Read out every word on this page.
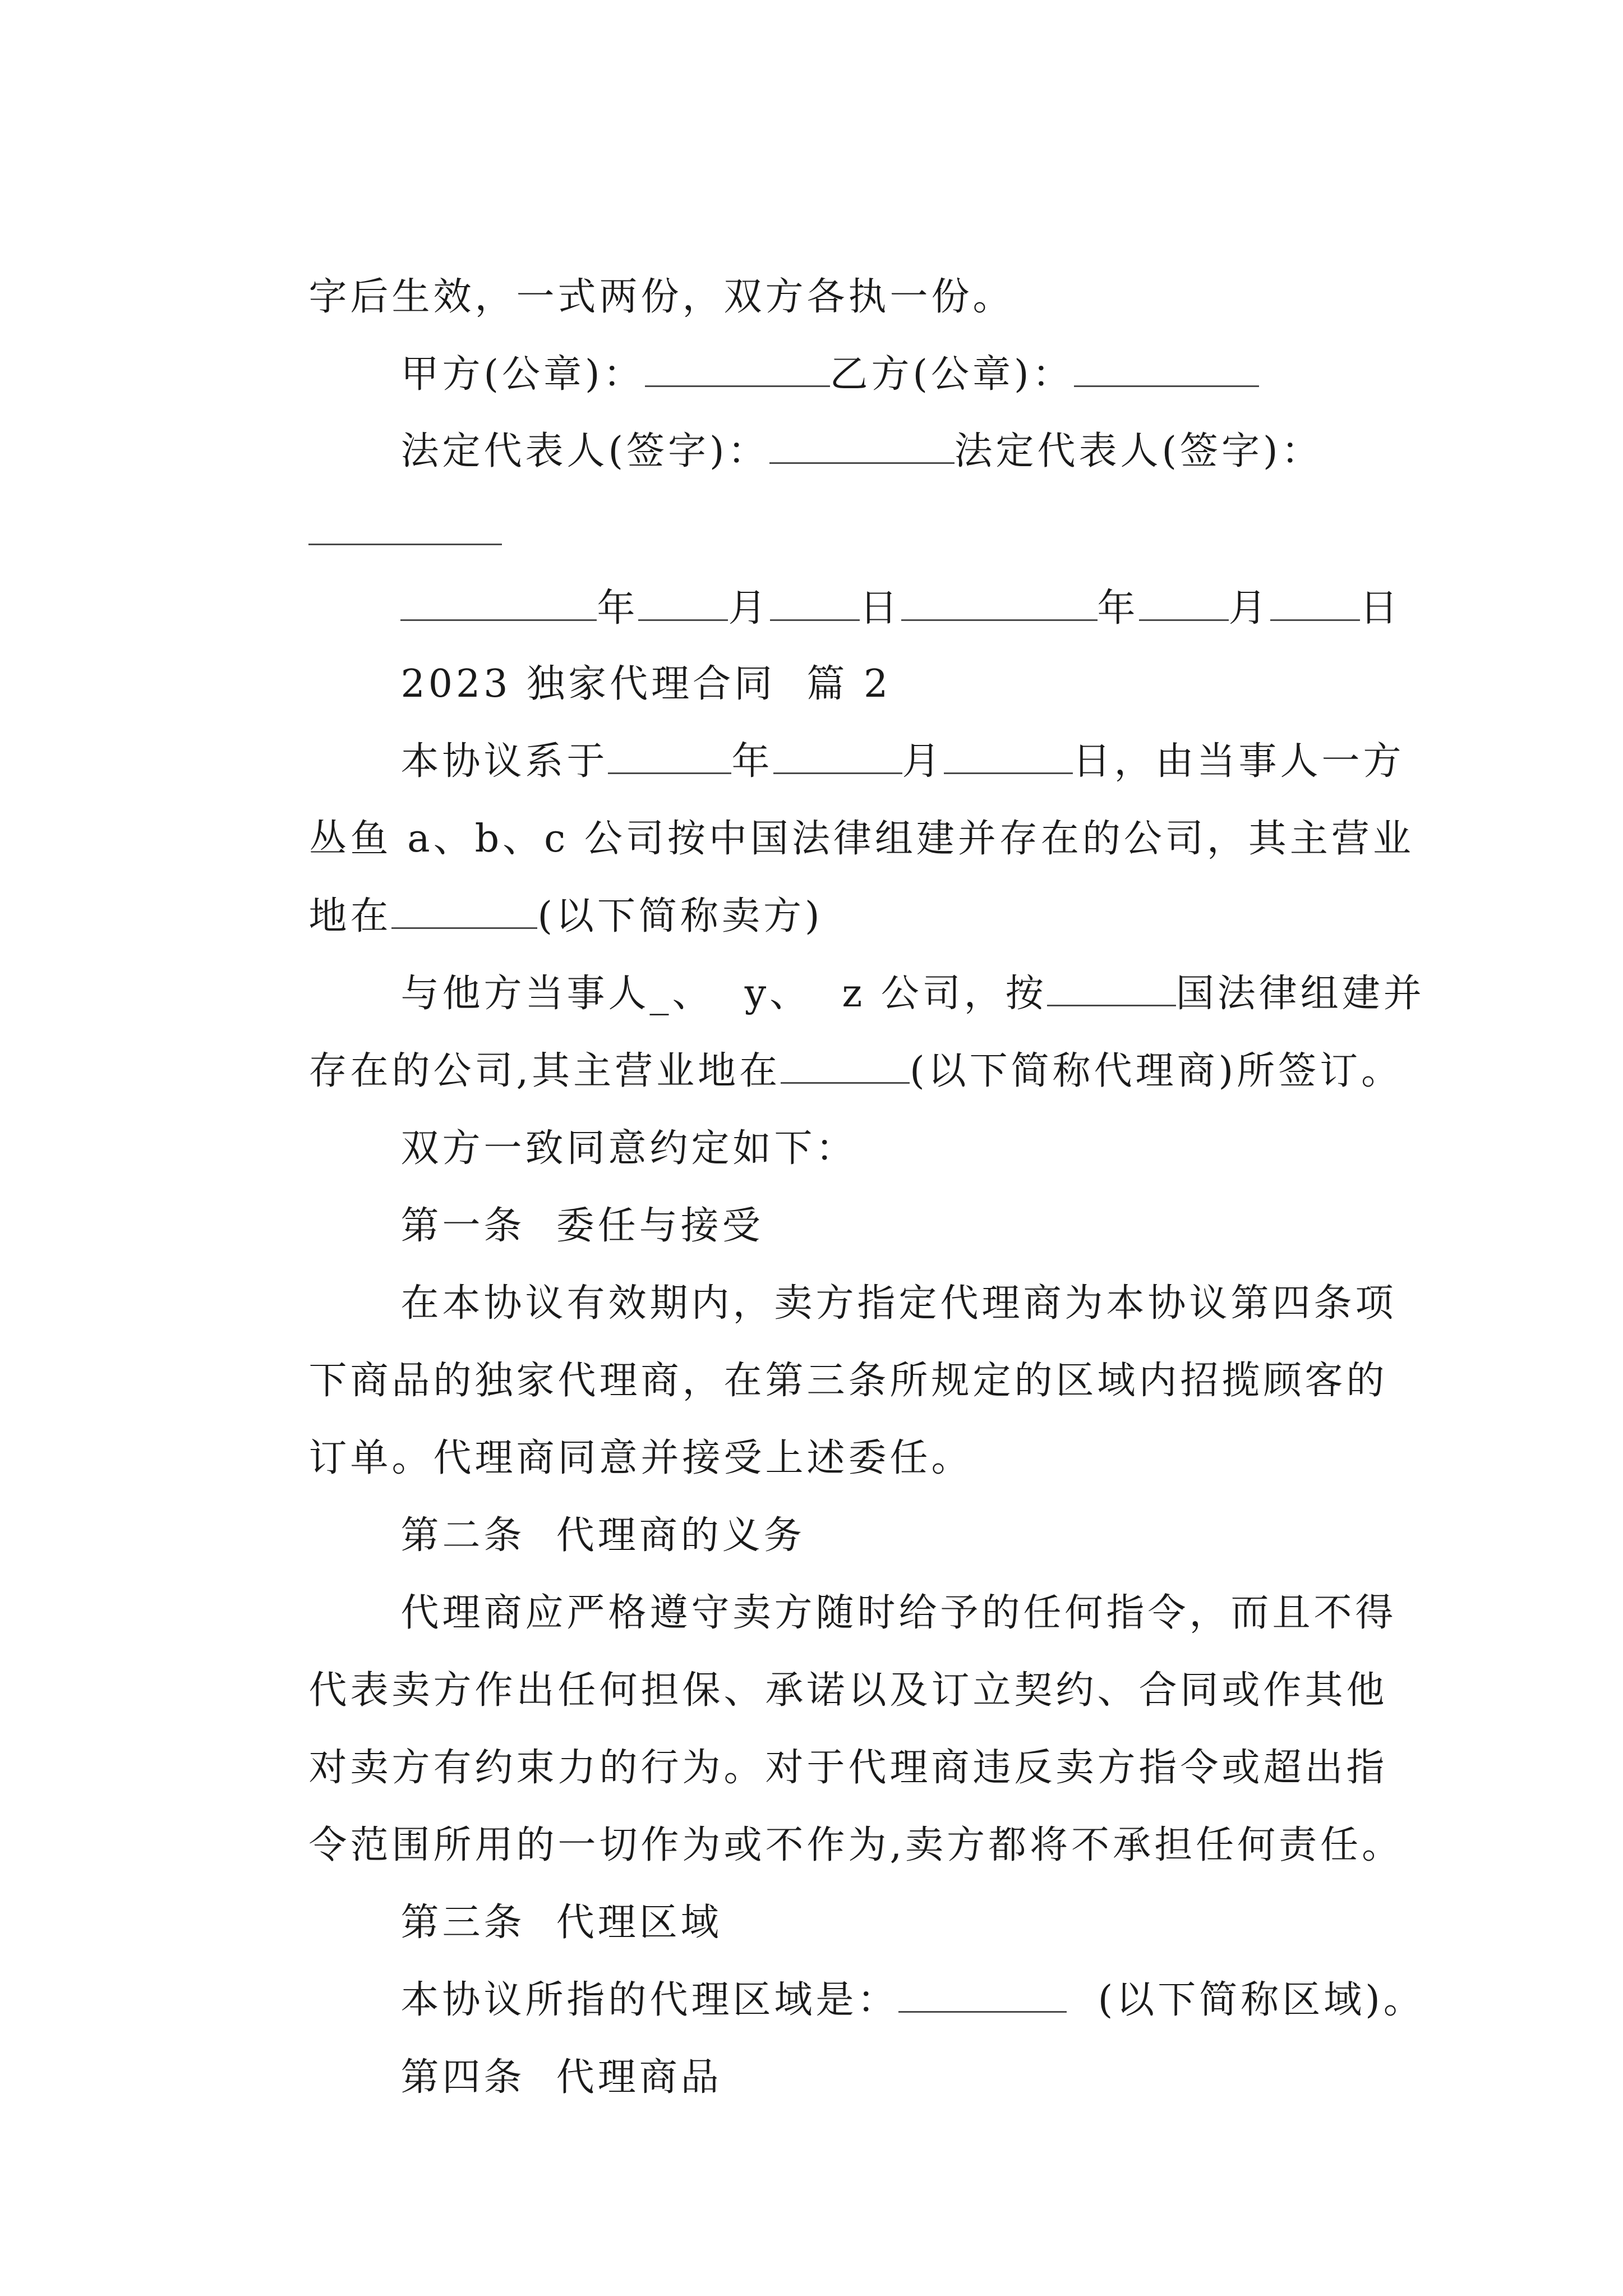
字后生效，一式两份，双方各执一份。

甲方(公章)：	乙方(公章)：

法定代表人(签字)：	法定代表人(签字)：

年 月 日	年 月 日

2023 独家代理合同  篇 2

本协议系于	年	月	日，由当事人一方

丛鱼 a、b、c 公司按中国法律组建并存在的公司，其主营业

地在	(以下简称卖方)

与他方当事人_、  y、  z 公司，按	国法律组建并

存在的公司,其主营业地在	(以下简称代理商)所签订。

双方一致同意约定如下：

第一条  委任与接受

在本协议有效期内，卖方指定代理商为本协议第四条项

下商品的独家代理商，在第三条所规定的区域内招揽顾客的

订单。代理商同意并接受上述委任。

第二条  代理商的义务

代理商应严格遵守卖方随时给予的任何指令，而且不得

代表卖方作出任何担保、承诺以及订立契约、合同或作其他

对卖方有约束力的行为。对于代理商违反卖方指令或超出指

令范围所用的一切作为或不作为,卖方都将不承担任何责任。

第三条  代理区域

本协议所指的代理区域是：	(以下简称区域)。

第四条  代理商品
